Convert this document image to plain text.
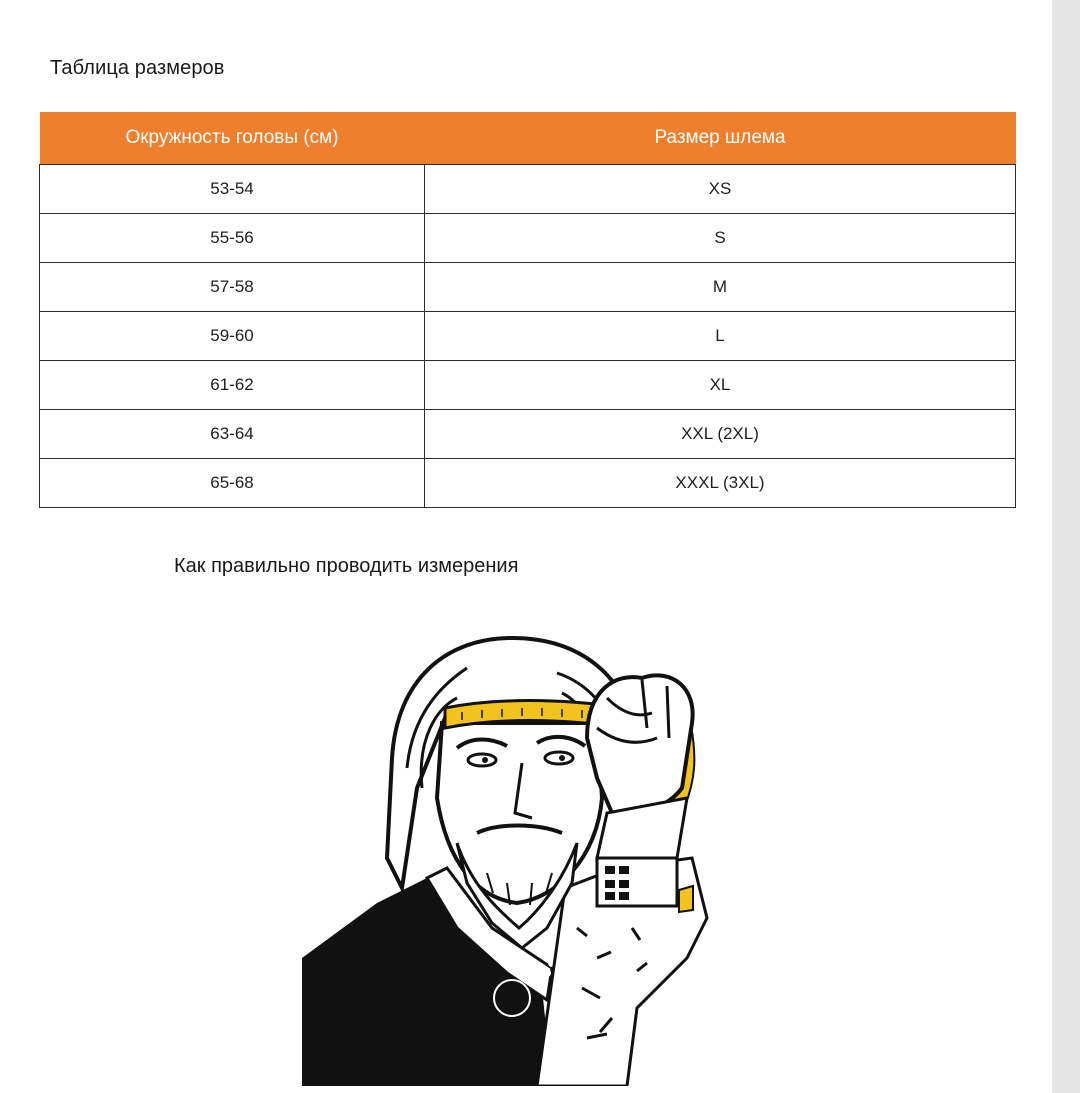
Таблица размеров
Окружность головы (см)	Размер шлема
53-54	XS
55-56	S
57-58	M
59-60	L
61-62	XL
63-64	XXL (2XL)
65-68	XXXL (3XL)
Как правильно проводить измерения
